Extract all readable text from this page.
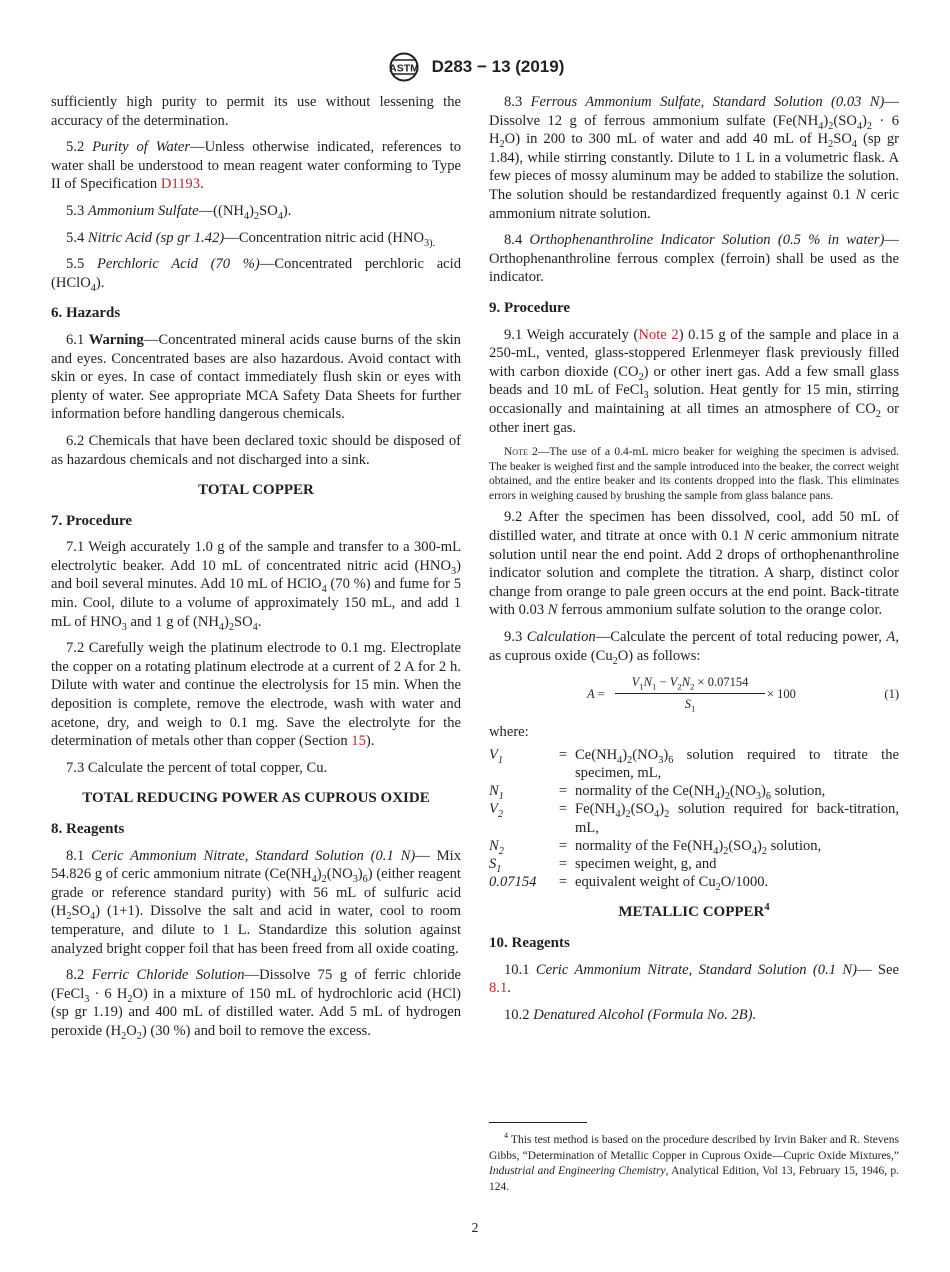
ASTM D283 − 13 (2019)

sufficiently high purity to permit its use without lessening the accuracy of the determination.

5.2 Purity of Water—Unless otherwise indicated, references to water shall be understood to mean reagent water conforming to Type II of Specification D1193.

5.3 Ammonium $Sulfate—((NH_4)_2SO_4)$.

5.4 Nitric Acid (sp gr 1.42)—Concentration nitric acid ($HNO_{3).}$

5.5 Perchloric Acid (70 %)—Concentrated perchloric acid (HClO$_4$).

6. Hazards

6.1 Warning—Concentrated mineral acids cause burns of the skin and eyes. Concentrated bases are also hazardous. Avoid contact with skin or eyes. In case of contact immediately flush skin or eyes with plenty of water. See appropriate MCA Safety Data Sheets for further information before handling dangerous chemicals.

6.2 Chemicals that have been declared toxic should be disposed of as hazardous chemicals and not discharged into a sink.

TOTAL COPPER
7. Procedure

7.1 Weigh accurately 1.0 g of the sample and transfer to a 300-mL electrolytic beaker. Add 10 mL of concentrated nitric acid $(HNO_3)$ and boil several minutes. Add 10 mL of HClO$_4$ (70 %) and fume for 5 min. Cool, dilute to a volume of approximately 150 mL, and add 1 mL of $HNO_3$ and 1 g of $(NH_4)_2SO_4$.

7.2 Carefully weigh the platinum electrode to 0.1 mg. Electroplate the copper on a rotating platinum electrode at a current of 2 A for 2 h. Dilute with water and continue the electrolysis for 15 min. When the deposition is complete, remove the electrode, wash with water and acetone, dry, and weigh to 0.1 mg. Save the electrolyte for the determination of metals other than copper (Section 15).

7.3 Calculate the percent of total copper, Cu.

TOTAL REDUCING POWER AS CUPROUS OXIDE
8. Reagents

8.1 Ceric Ammonium Nitrate, Standard Solution (0.1 N)— Mix 54.826 g of ceric ammonium nitrate $(Ce(NH_4)_2(NO_3)_6)$ (either reagent grade or reference standard purity) with 56 mL of sulfuric acid $(H_2SO_4)$ (1+1). Dissolve the salt and acid in water, cool to room temperature, and dilute to 1 L. Standardize this solution against analyzed bright copper foil that has been freed from all oxide coating.

8.2 Ferric Chloride Solution—Dissolve 75 g of ferric chloride (FeCl$_3$ · 6 $H_2O$) in a mixture of 150 mL of hydrochloric acid (HCl) (sp gr 1.19) and 400 mL of distilled water. Add 5 mL of hydrogen peroxide $(H_2O_2)$ (30 %) and boil to remove the excess.

8.3 Ferrous Ammonium Sulfate, Standard Solution (0.03 N)—Dissolve 12 g of ferrous ammonium sulfate ($Fe(NH_4)_2(SO_4)_2 \cdot 6$ $H_2O$) in 200 to 300 mL of water and add 40 mL of $H_2SO_4$ (sp gr 1.84), while stirring constantly. Dilute to 1 L in a volumetric flask. A few pieces of mossy aluminum may be added to stabilize the solution. The solution should be restandardized frequently against 0.1 N ceric ammonium nitrate solution.

8.4 Orthophenanthroline Indicator Solution (0.5 % in water)—Orthophenanthroline ferrous complex (ferroin) shall be used as the indicator.

9. Procedure

9.1 Weigh accurately (Note 2) 0.15 g of the sample and place in a 250-mL, vented, glass-stoppered Erlenmeyer flask previously filled with carbon dioxide $(CO_2)$ or other inert gas. Add a few small glass beads and 10 mL of FeCl$_3$ solution. Heat gently for 15 min, stirring occasionally and maintaining at all times an atmosphere of $CO_2$ or other inert gas.

Note 2—The use of a 0.4-mL micro beaker for weighing the specimen is advised. The beaker is weighed first and the sample introduced into the beaker, the correct weight obtained, and the entire beaker and its contents dropped into the flask. This eliminates errors in weighing caused by brushing the sample from glass balance pans.

9.2 After the specimen has been dissolved, cool, add 50 mL of distilled water, and titrate at once with 0.1 N ceric ammonium nitrate solution until near the end point. Add 2 drops of orthophenanthroline indicator solution and complete the titration. A sharp, distinct color change from orange to pale green occurs at the end point. Back-titrate with 0.03 N ferrous ammonium sulfate solution to the orange color.

9.3 Calculation—Calculate the percent of total reducing power, A, as cuprous oxide $(Cu_2O)$ as follows:

$A = \frac{V_1N_1 - V_2N_2 \times 0.07154}{S_1} \times 100$	(1)
where:
$V_1$	=	$Ce(NH_4)_2(NO_3)_6$ solution required to titrate the specimen, mL,
$N_1$	=	normality of the $Ce(NH_4)_2(NO_3)_6$ solution,
$V_2$	=	$Fe(NH_4)_2(SO_4)_2$ solution required for back-titration, mL,
$N_2$	=	normality of the $Fe(NH_4)_2(SO_4)_2$ solution,
$S_1$	=	specimen weight, g, and
0.07154	=	equivalent weight of $Cu_2O/1000$.
METALLIC COPPER$^4$
10. Reagents

10.1 Ceric Ammonium Nitrate, Standard Solution (0.1 N)— See 8.1.

10.2 Denatured Alcohol (Formula No. 2B).

$^4$ This test method is based on the procedure described by Irvin Baker and R. Stevens Gibbs, “Determination of Metallic Copper in Cuprous Oxide—Cupric Oxide Mixtures,” Industrial and Engineering Chemistry, Analytical Edition, Vol 13, February 15, 1946, p. 124.
2
